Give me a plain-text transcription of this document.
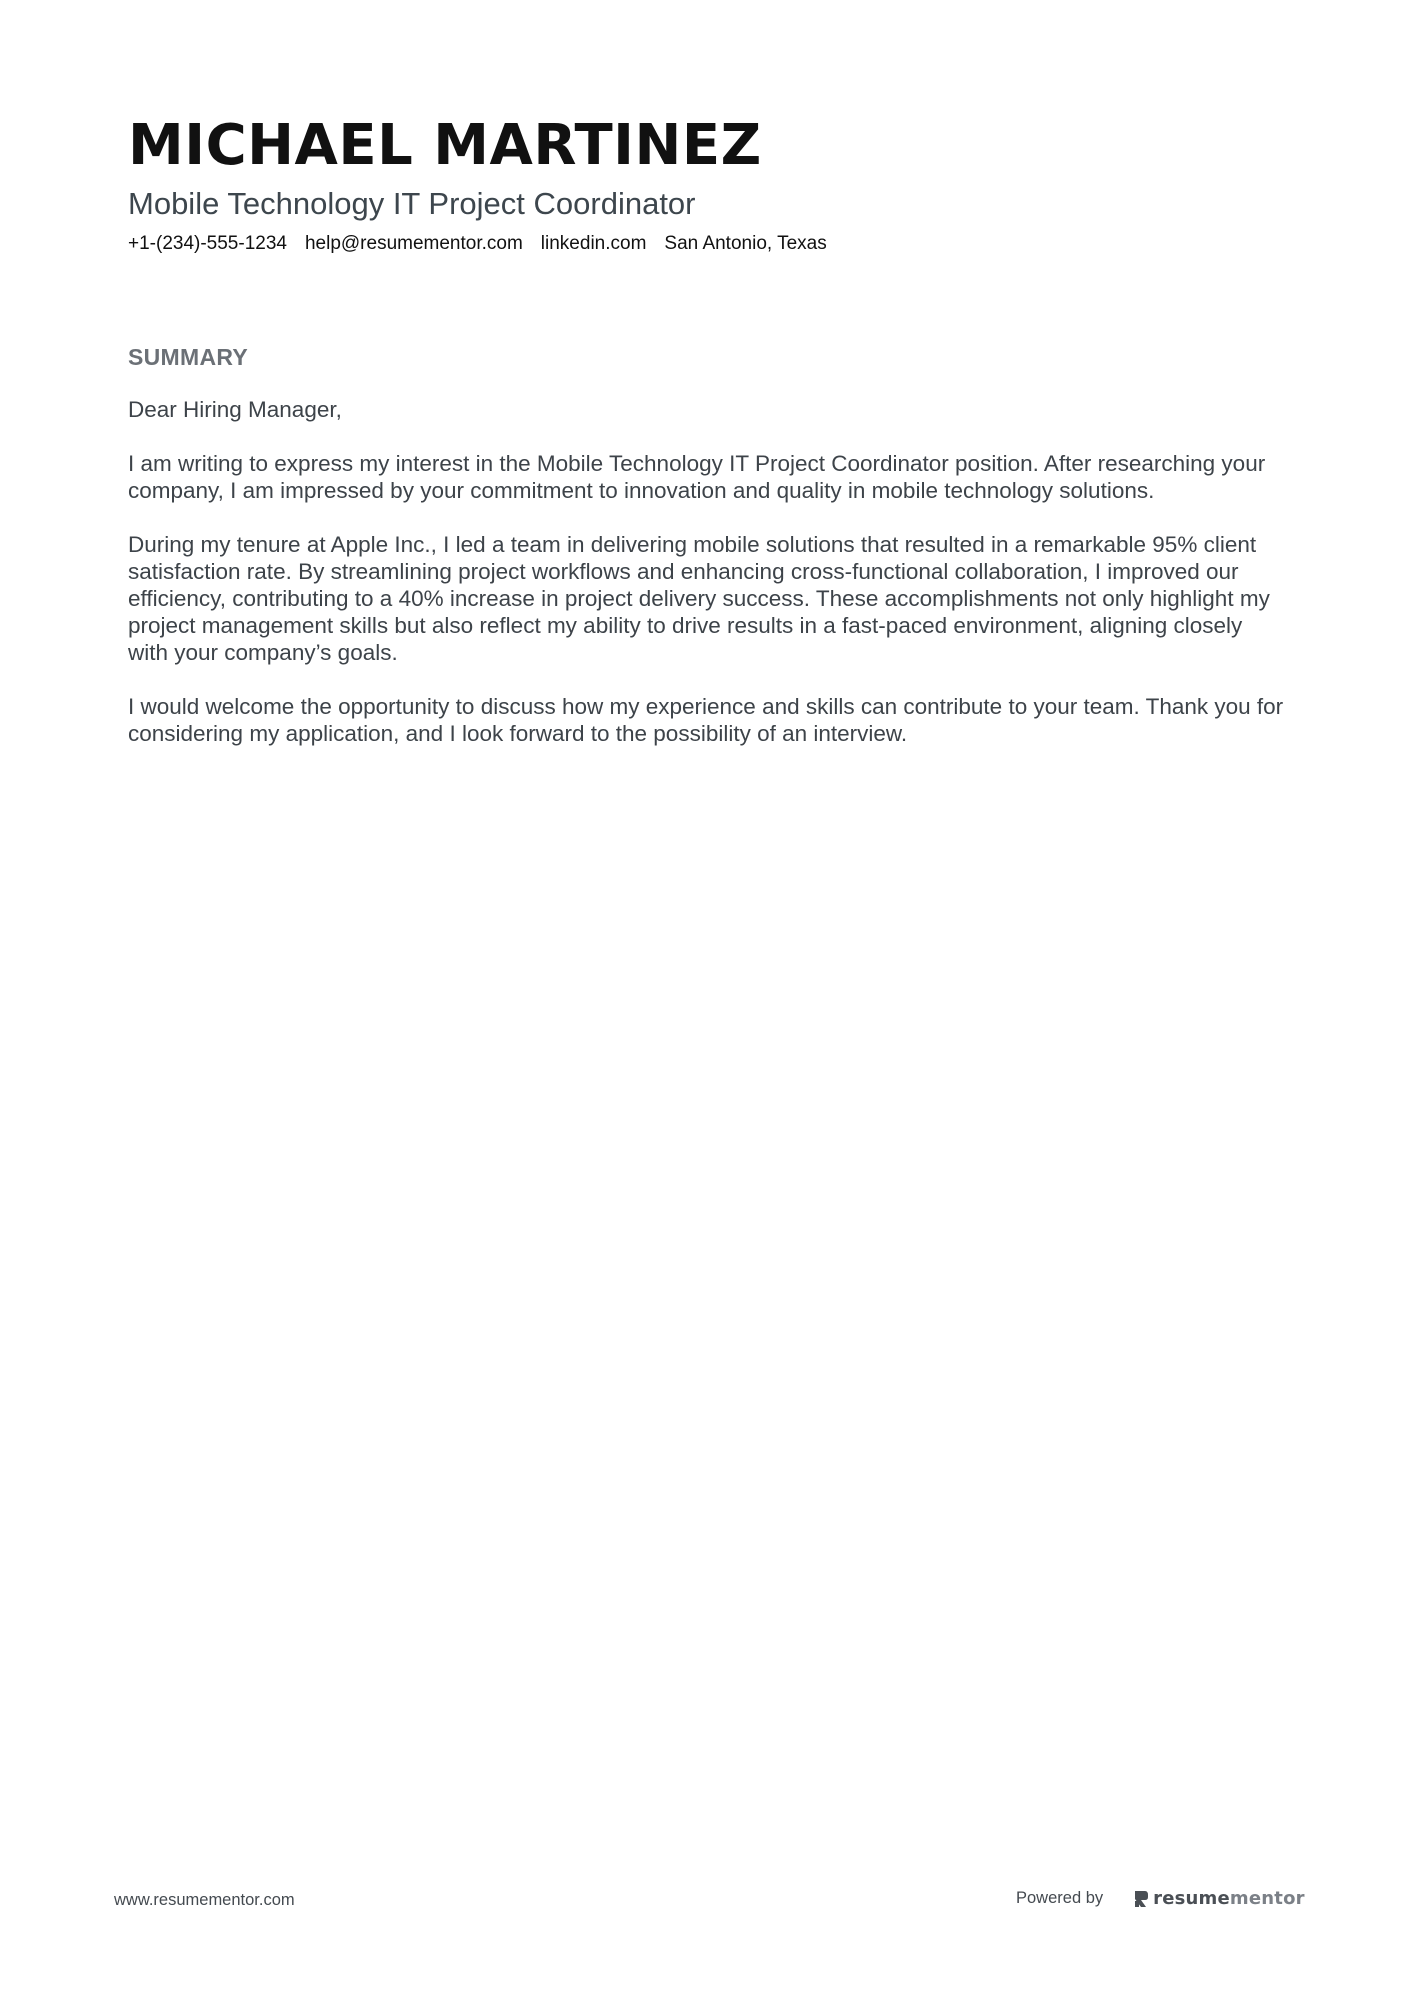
MICHAEL MARTINEZ
Mobile Technology IT Project Coordinator
+1-(234)-555-1234 help@resumementor.com linkedin.com San Antonio, Texas
SUMMARY

Dear Hiring Manager,

I am writing to express my interest in the Mobile Technology IT Project Coordinator position. After researching your company, I am impressed by your commitment to innovation and quality in mobile technology solutions.

During my tenure at Apple Inc., I led a team in delivering mobile solutions that resulted in a remarkable 95% client satisfaction rate. By streamlining project workflows and enhancing cross-functional collaboration, I improved our efficiency, contributing to a 40% increase in project delivery success. These accomplishments not only highlight my project management skills but also reflect my ability to drive results in a fast-paced environment, aligning closely with your company’s goals.

I would welcome the opportunity to discuss how my experience and skills can contribute to your team. Thank you for considering my application, and I look forward to the possibility of an interview.

www.resumementor.com	Powered by	resume mentor
